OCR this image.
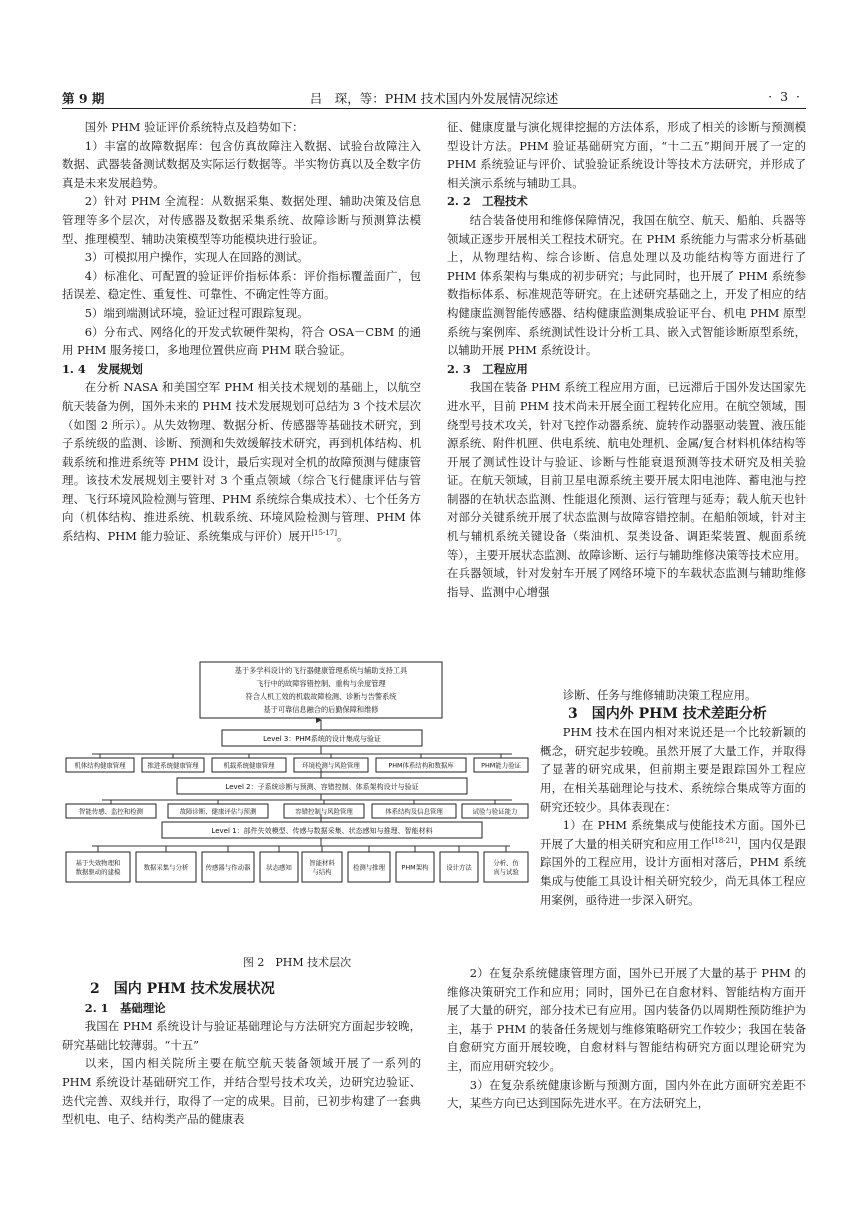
第 9 期	吕　琛，等：PHM 技术国内外发展情况综述	· 3 ·

国外 PHM 验证评价系统特点及趋势如下：

1）丰富的故障数据库：包含仿真故障注入数据、试验台故障注入数据、武器装备测试数据及实际运行数据等。半实物仿真以及全数字仿真是未来发展趋势。

2）针对 PHM 全流程：从数据采集、数据处理、辅助决策及信息管理等多个层次，对传感器及数据采集系统、故障诊断与预测算法模型、推理模型、辅助决策模型等功能模块进行验证。

3）可模拟用户操作，实现人在回路的测试。

4）标准化、可配置的验证评价指标体系：评价指标覆盖面广，包括误差、稳定性、重复性、可靠性、不确定性等方面。

5）端到端测试环境，验证过程可跟踪复现。

6）分布式、网络化的开发式软硬件架构，符合 OSA－CBM 的通用 PHM 服务接口，多地理位置供应商 PHM 联合验证。

1. 4　发展规划

在分析 NASA 和美国空军 PHM 相关技术规划的基础上，以航空航天装备为例，国外未来的 PHM 技术发展规划可总结为 3 个技术层次（如图 2 所示）。从失效物理、数据分析、传感器等基础技术研究，到子系统级的监测、诊断、预测和失效缓解技术研究，再到机体结构、机载系统和推进系统等 PHM 设计，最后实现对全机的故障预测与健康管理。该技术发展规划主要针对 3 个重点领域（综合飞行健康评估与管理、飞行环境风险检测与管理、PHM 系统综合集成技术）、七个任务方向（机体结构、推进系统、机载系统、环境风险检测与管理、PHM 体系结构、PHM 能力验证、系统集成与评价）展开[15-17]。

基于多学科设计的飞行器健康管理系统与辅助支持工具
飞行中的故障容错控制、重构与余度管理
符合人机工效的机载故障检测、诊断与告警系统
基于可靠信息融合的后勤保障和维修
Level 3：PHM系统的设计集成与验证
机体结构健康管理	推进系统健康管理	机载系统健康管理	环境检测与风险管理	PHM体系结构和数据库	PHM能力验证
Level 2：子系统诊断与预测、容错控制、体系架构设计与验证
智能传感、监控和检测	故障诊断、健康评估与预测	容错控制与风险管理	体系结构及信息管理	试验与验证能力
Level 1：部件失效模型、传感与数据采集、状态感知与推理、智能材料
基于失效物理和
数据驱动的建模
数据采集与分析	传感器与作动器 状态感知
智能材料
与结构
检测与推理	PHM架构	设计方法
分析、仿
真与试验
图 2　PHM 技术层次

征、健康度量与演化规律挖掘的方法体系，形成了相关的诊断与预测模型设计方法。PHM 验证基础研究方面，“十二五”期间开展了一定的 PHM 系统验证与评价、试验验证系统设计等技术方法研究，并形成了相关演示系统与辅助工具。

2. 2　工程技术

结合装备使用和维修保障情况，我国在航空、航天、船舶、兵器等领域正逐步开展相关工程技术研究。在 PHM 系统能力与需求分析基础上，从物理结构、综合诊断、信息处理以及功能结构等方面进行了 PHM 体系架构与集成的初步研究；与此同时，也开展了 PHM 系统参数指标体系、标准规范等研究。在上述研究基础之上，开发了相应的结构健康监测智能传感器、结构健康监测集成验证平台、机电 PHM 原型系统与案例库、系统测试性设计分析工具、嵌入式智能诊断原型系统，以辅助开展 PHM 系统设计。

2. 3　工程应用

我国在装备 PHM 系统工程应用方面，已远滞后于国外发达国家先进水平，目前 PHM 技术尚未开展全面工程转化应用。在航空领域，围绕型号技术攻关，针对飞控作动器系统、旋转作动器驱动装置、液压能源系统、附件机匣、供电系统、航电处理机、金属/复合材料机体结构等开展了测试性设计与验证、诊断与性能衰退预测等技术研究及相关验证。在航天领域，目前卫星电源系统主要开展太阳电池阵、蓄电池与控制器的在轨状态监测、性能退化预测、运行管理与延寿；载人航天也针对部分关键系统开展了状态监测与故障容错控制。在船舶领域，针对主机与辅机系统关键设备（柴油机、泵类设备、调距桨装置、舰面系统等），主要开展状态监测、故障诊断、运行与辅助维修决策等技术应用。在兵器领域，针对发射车开展了网络环境下的车载状态监测与辅助维修指导、监测中心增强

诊断、任务与维修辅助决策工程应用。

3　国内外 PHM 技术差距分析

PHM 技术在国内相对来说还是一个比较新颖的概念，研究起步较晚。虽然开展了大量工作，并取得了显著的研究成果，但前期主要是跟踪国外工程应用，在相关基础理论与技术、系统综合集成等方面的研究还较少。具体表现在：

1）在 PHM 系统集成与使能技术方面。国外已开展了大量的相关研究和应用工作[18-21]，国内仅是跟踪国外的工程应用，设计方面相对落后，PHM 系统集成与使能工具设计相关研究较少，尚无具体工程应用案例，亟待进一步深入研究。

2）在复杂系统健康管理方面，国外已开展了大量的基于 PHM 的维修决策研究工作和应用；同时，国外已在自愈材料、智能结构方面开展了大量的研究，部分技术已有应用。国内装备仍以周期性预防维护为主，基于 PHM 的装备任务规划与维修策略研究工作较少；我国在装备自愈研究方面开展较晚，自愈材料与智能结构研究方面以理论研究为主，而应用研究较少。

3）在复杂系统健康诊断与预测方面，国内外在此方面研究差距不大，某些方向已达到国际先进水平。在方法研究上，

2　国内 PHM 技术发展状况

2. 1　基础理论

我国在 PHM 系统设计与验证基础理论与方法研究方面起步较晚，研究基础比较薄弱。“十五”

以来，国内相关院所主要在航空航天装备领域开展了一系列的 PHM 系统设计基础研究工作，并结合型号技术攻关，边研究边验证、迭代完善、双线并行，取得了一定的成果。目前，已初步构建了一套典型机电、电子、结构类产品的健康表
